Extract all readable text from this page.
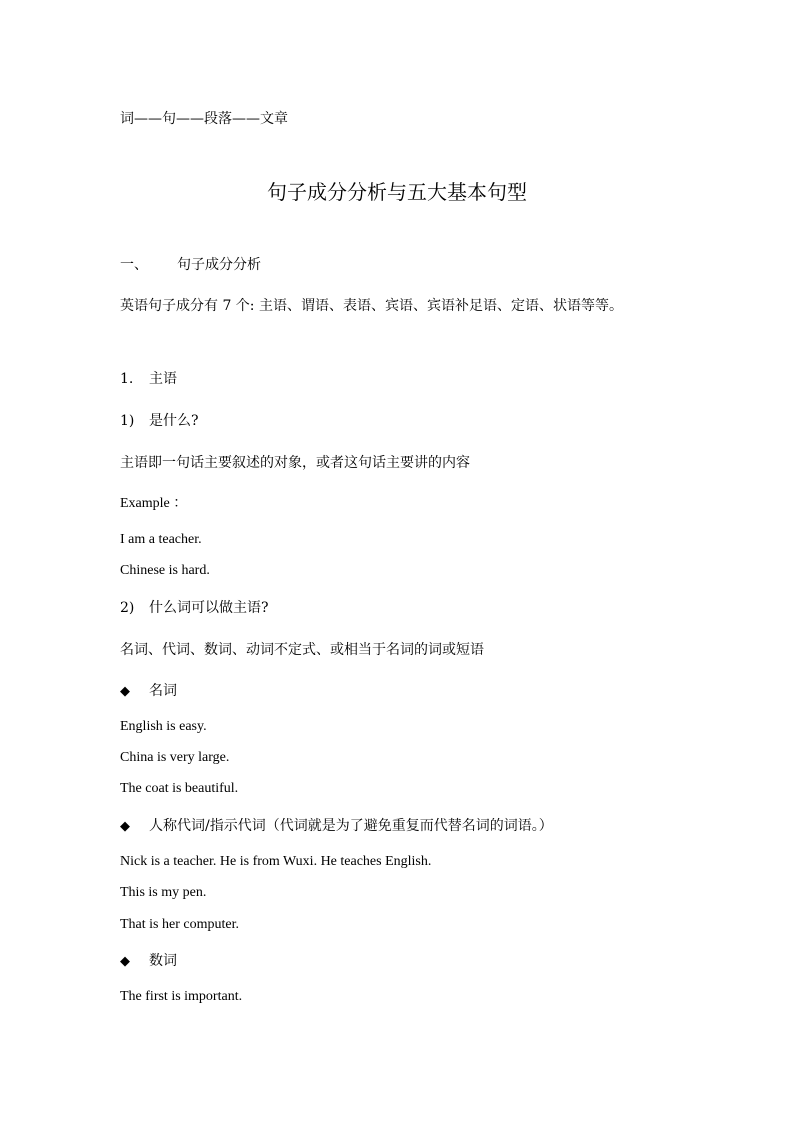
词——句——段落——文章
句子成分分析与五大基本句型
一、 句子成分分析
英语句子成分有 7 个: 主语、谓语、表语、宾语、宾语补足语、定语、状语等等。
1. 主语
1) 是什么?
主语即一句话主要叙述的对象，或者这句话主要讲的内容
Example ：
I am a teacher.
Chinese is hard.
2) 什么词可以做主语?
名词、代词、数词、动词不定式、或相当于名词的词或短语
◆ 名词
English is easy.
China is very large.
The coat is beautiful.
◆ 人称代词/指示代词（代词就是为了避免重复而代替名词的词语。）
Nick is a teacher. He is from Wuxi. He teaches English.
This is my pen.
That is her computer.
◆ 数词
The first is important.
